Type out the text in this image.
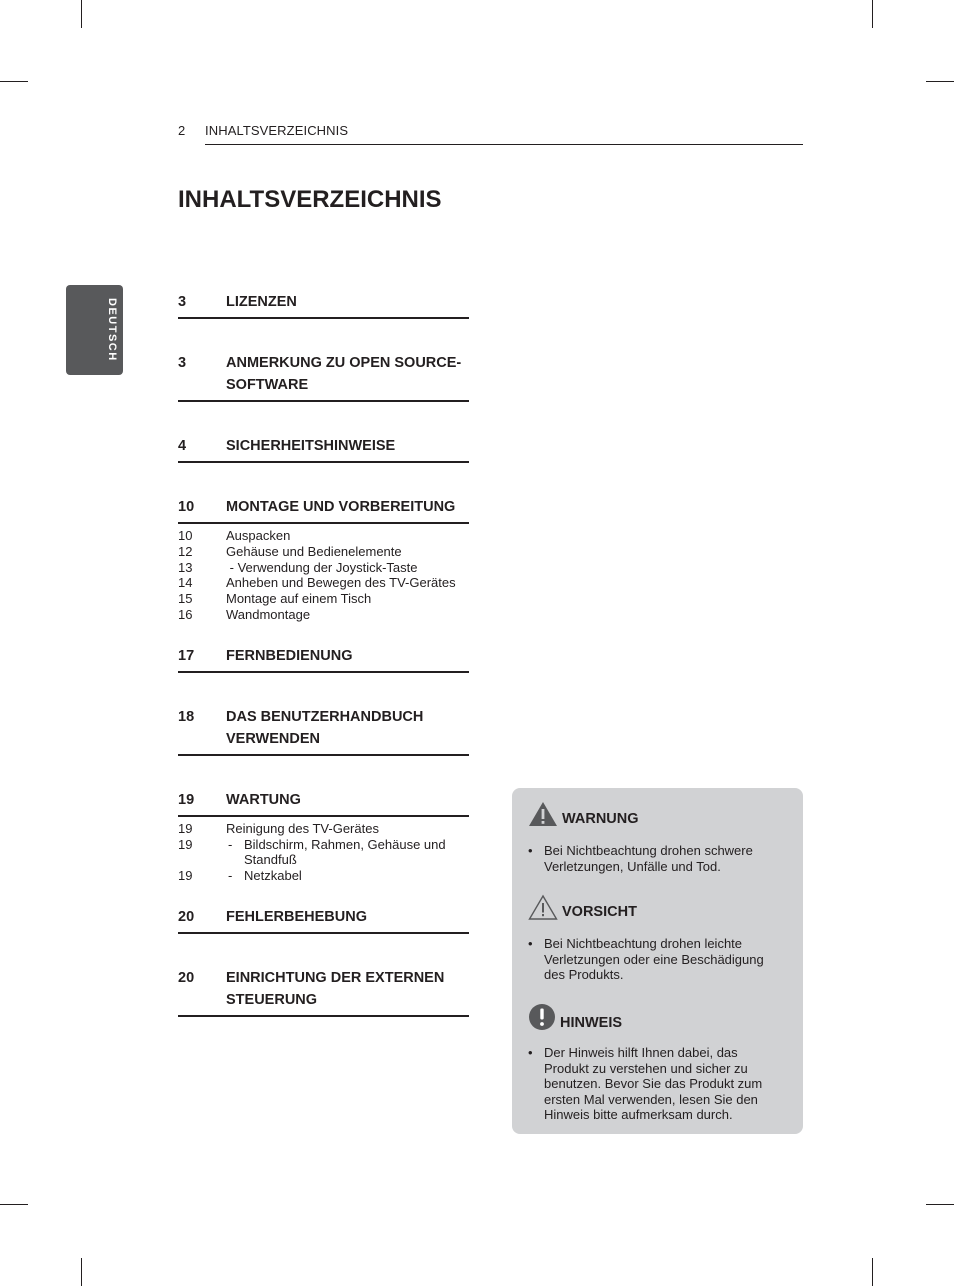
2 INHALTSVERZEICHNIS
INHALTSVERZEICHNIS
DEUTSCH	3	LIZENZEN
3	ANMERKUNG ZU OPEN SOURCE-SOFTWARE
4	SICHERHEITSHINWEISE
10	MONTAGE UND VORBEREITUNG
10	Auspacken
12	Gehäuse und Bedienelemente
13	- Verwendung der Joystick-Taste
14	Anheben und Bewegen des TV-Gerätes
15	Montage auf einem Tisch
16	Wandmontage
17	FERNBEDIENUNG
18	DAS BENUTZERHANDBUCH VERWENDEN
19	WARTUNG
19	Reinigung des TV-Gerätes
19	- Bildschirm, Rahmen, Gehäuse und Standfuß
19	- Netzkabel
20	FEHLERBEHEBUNG
20	EINRICHTUNG DER EXTERNEN STEUERUNG
WARNUNG
• Bei Nichtbeachtung drohen schwere Verletzungen, Unfälle und Tod.
VORSICHT
• Bei Nichtbeachtung drohen leichte Verletzungen oder eine Beschädigung des Produkts.
HINWEIS
• Der Hinweis hilft Ihnen dabei, das Produkt zu verstehen und sicher zu benutzen. Bevor Sie das Produkt zum ersten Mal verwenden, lesen Sie den Hinweis bitte aufmerksam durch.
